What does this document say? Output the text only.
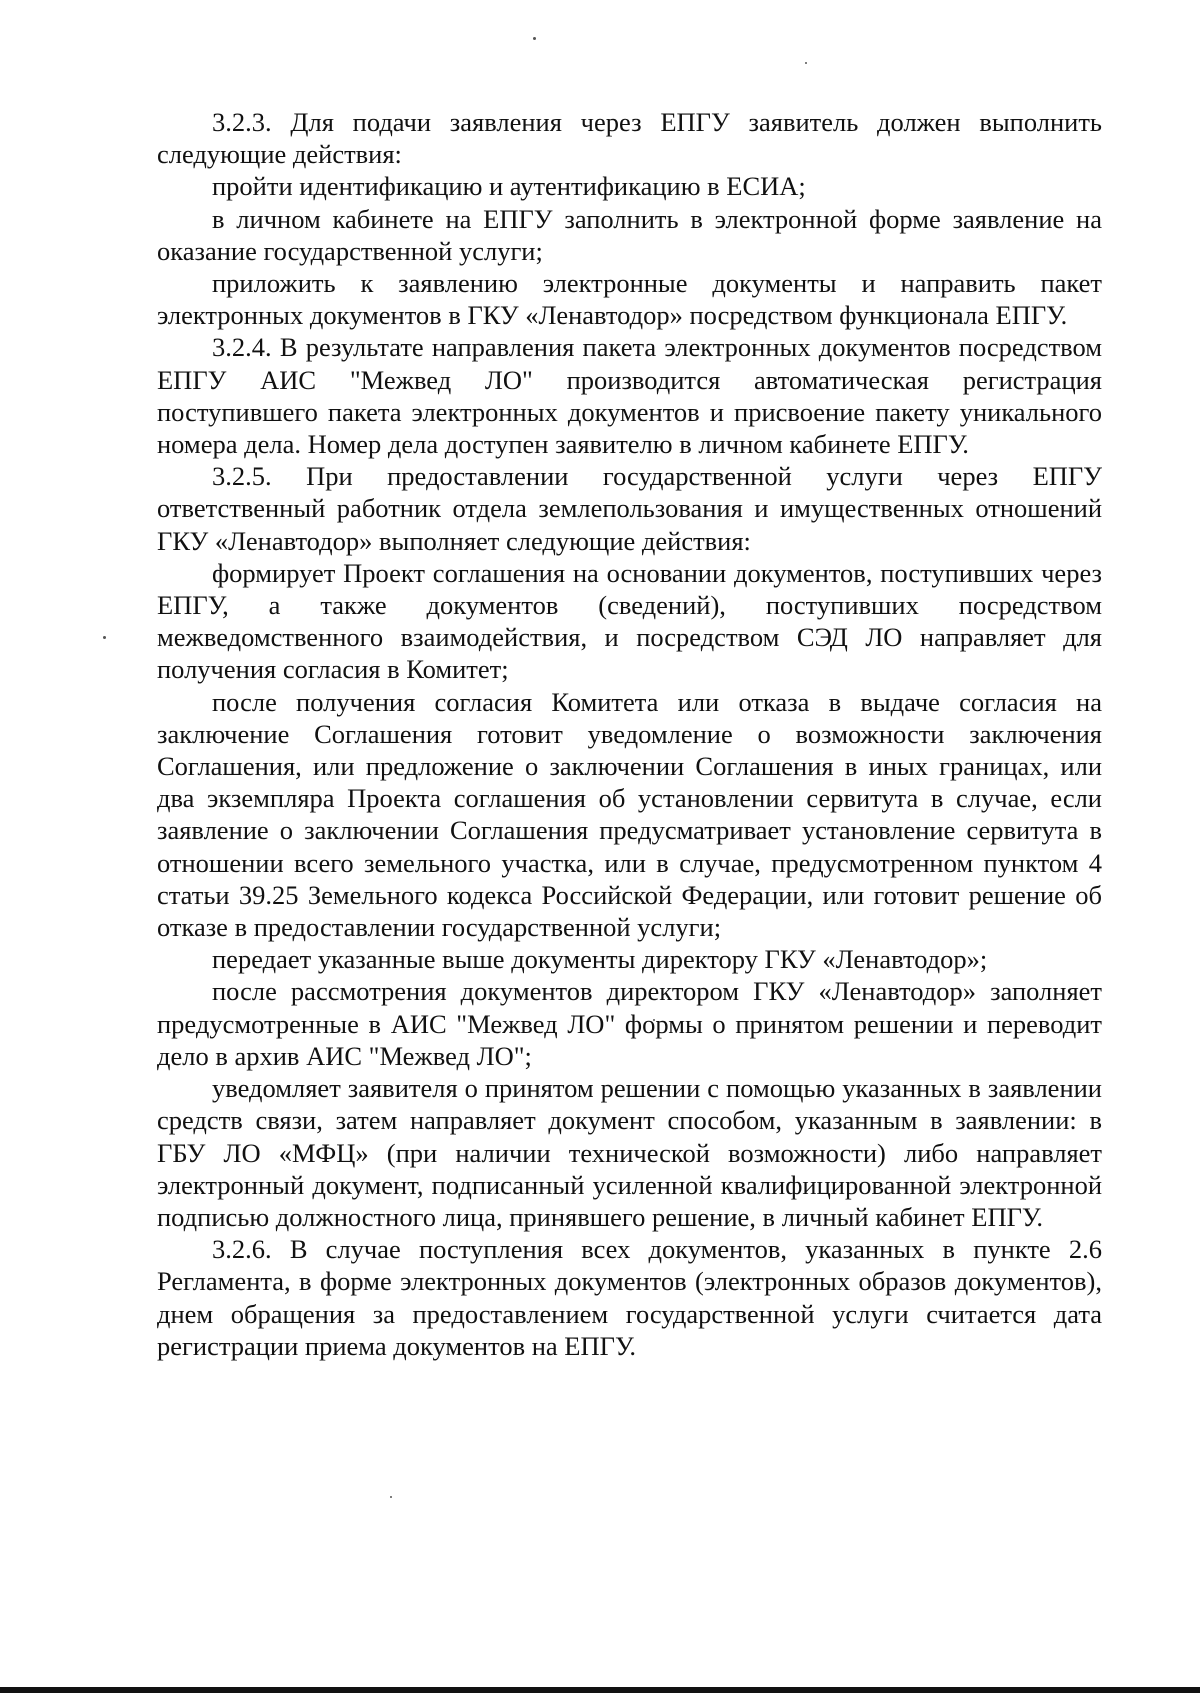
3.2.3. Для подачи заявления через ЕПГУ заявитель должен выполнить следующие действия:

пройти идентификацию и аутентификацию в ЕСИА;

в личном кабинете на ЕПГУ заполнить в электронной форме заявление на оказание государственной услуги;

приложить к заявлению электронные документы и направить пакет электронных документов в ГКУ «Ленавтодор» посредством функционала ЕПГУ.

3.2.4. В результате направления пакета электронных документов посредством ЕПГУ АИС "Межвед ЛО" производится автоматическая регистрация поступившего пакета электронных документов и присвоение пакету уникального номера дела. Номер дела доступен заявителю в личном кабинете ЕПГУ.

3.2.5. При предоставлении государственной услуги через ЕПГУ ответственный работник отдела землепользования и имущественных отношений ГКУ «Ленавтодор» выполняет следующие действия:

формирует Проект соглашения на основании документов, поступивших через ЕПГУ, а также документов (сведений), поступивших посредством межведомственного взаимодействия, и посредством СЭД ЛО направляет для получения согласия в Комитет;

после получения согласия Комитета или отказа в выдаче согласия на заключение Соглашения готовит уведомление о возможности заключения Соглашения, или предложение о заключении Соглашения в иных границах, или два экземпляра Проекта соглашения об установлении сервитута в случае, если заявление о заключении Соглашения предусматривает установление сервитута в отношении всего земельного участка, или в случае, предусмотренном пунктом 4 статьи 39.25 Земельного кодекса Российской Федерации, или готовит решение об отказе в предоставлении государственной услуги;

передает указанные выше документы директору ГКУ «Ленавтодор»;

после рассмотрения документов директором ГКУ «Ленавтодор» заполняет предусмотренные в АИС "Межвед ЛО" формы о принятом решении и переводит дело в архив АИС "Межвед ЛО";

уведомляет заявителя о принятом решении с помощью указанных в заявлении средств связи, затем направляет документ способом, указанным в заявлении: в ГБУ ЛО «МФЦ» (при наличии технической возможности) либо направляет электронный документ, подписанный усиленной квалифицированной электронной подписью должностного лица, принявшего решение, в личный кабинет ЕПГУ.

3.2.6. В случае поступления всех документов, указанных в пункте 2.6 Регламента, в форме электронных документов (электронных образов документов), днем обращения за предоставлением государственной услуги считается дата регистрации приема документов на ЕПГУ.
